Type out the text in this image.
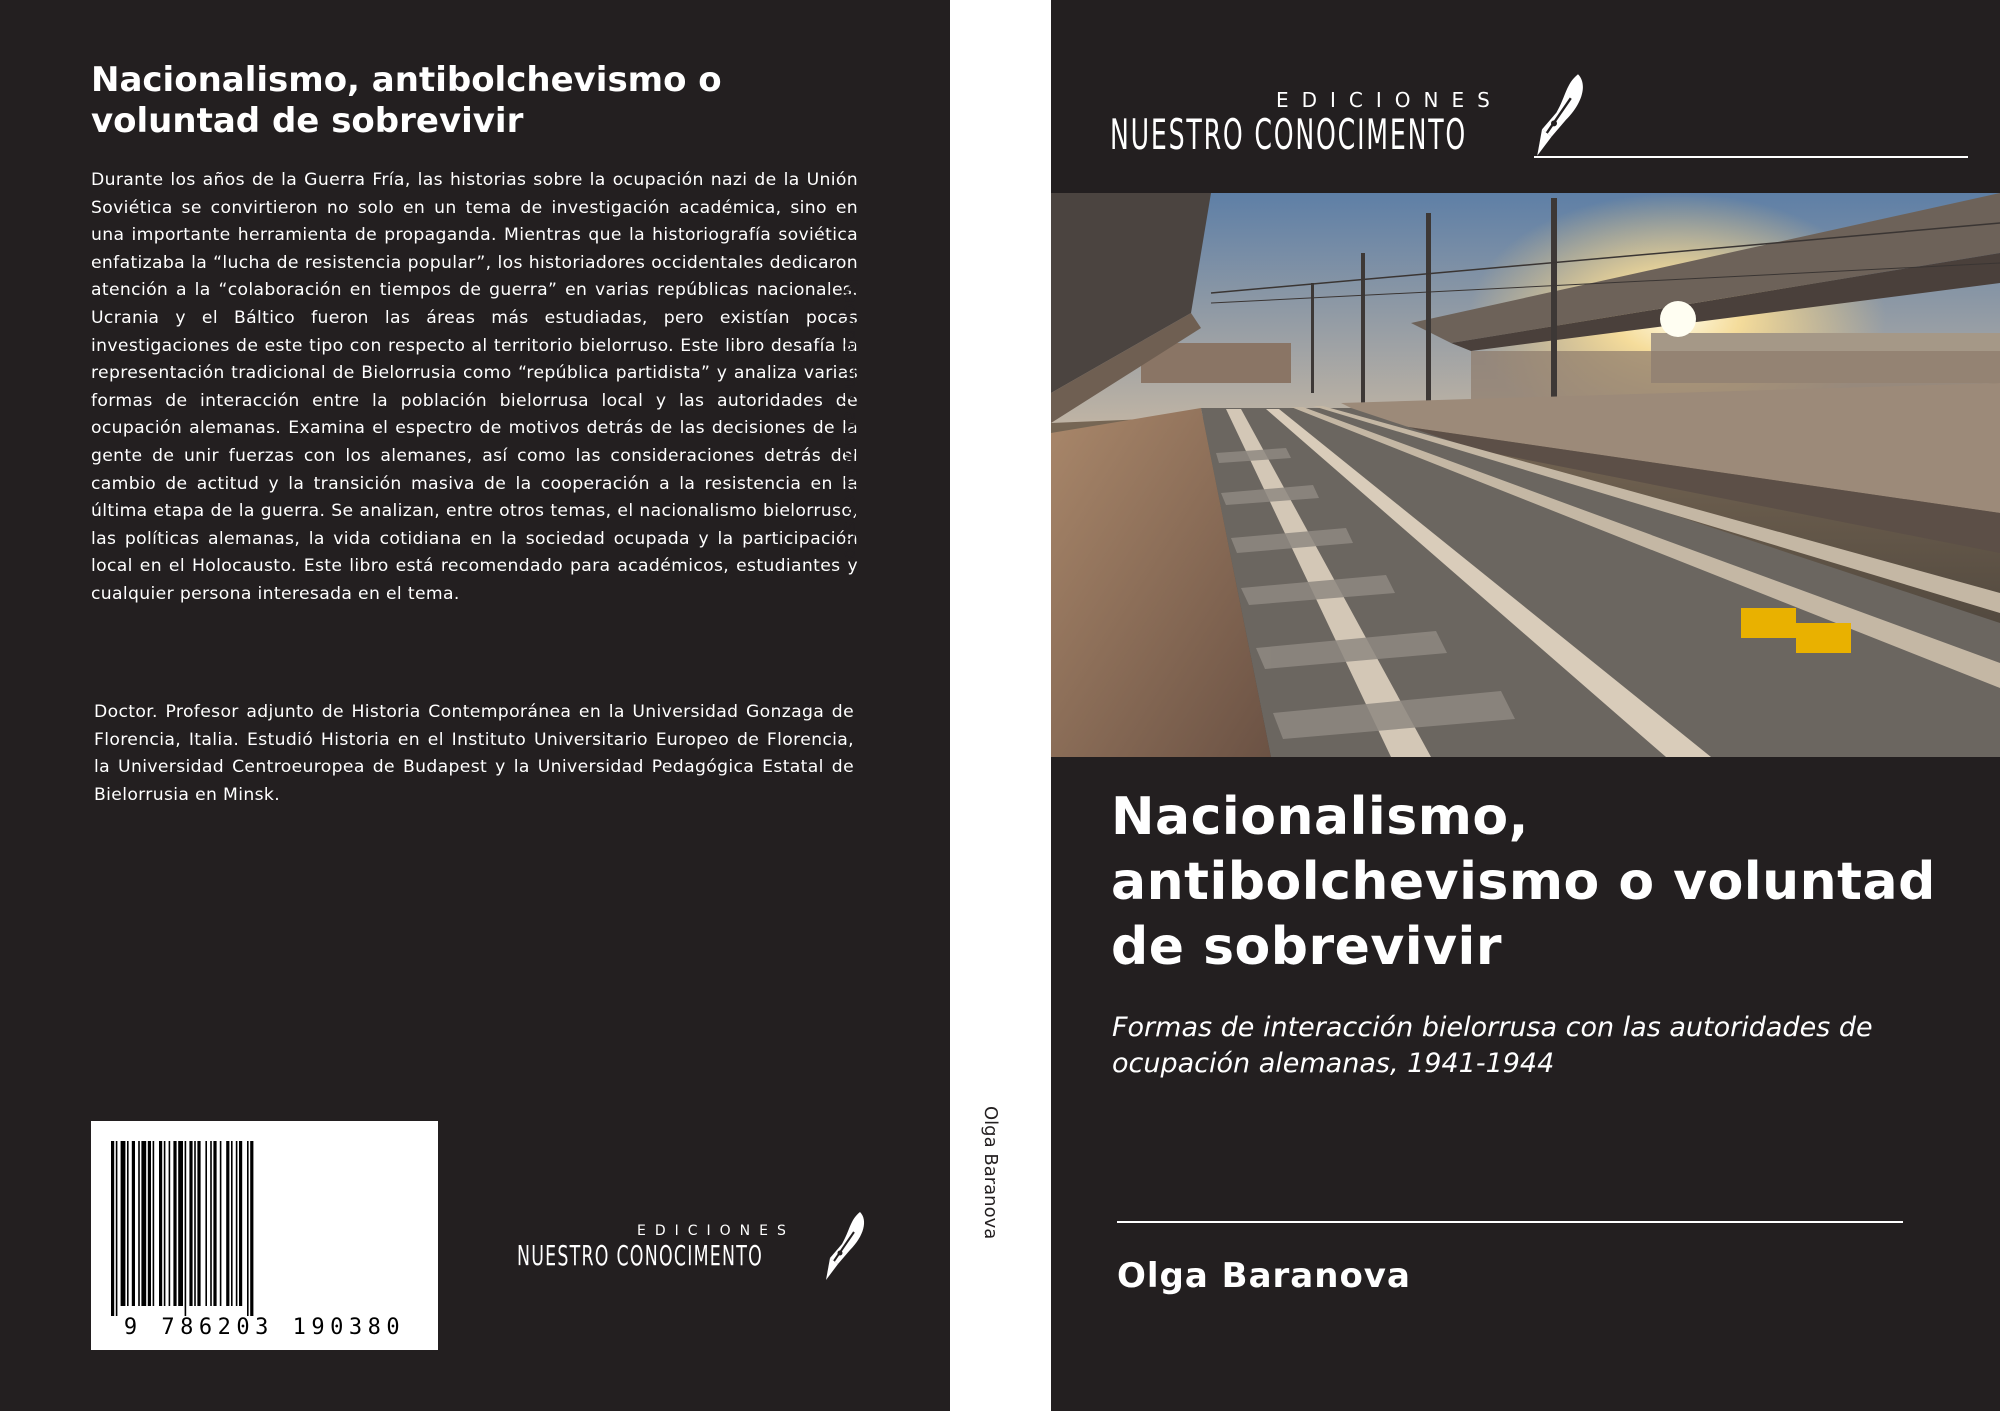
Nacionalismo, antibolchevismo o voluntad de sobrevivir

Durante los años de la Guerra Fría, las historias sobre la ocupación nazi de la Unión Soviética se convirtieron no solo en un tema de investigación académica, sino en una importante herramienta de propaganda. Mientras que la historiografía soviética enfatizaba la “lucha de resistencia popular”, los historiadores occidentales dedicaron atención a la “colaboración en tiempos de guerra” en varias repúblicas nacionales. Ucrania y el Báltico fueron las áreas más estudiadas, pero existían pocas investigaciones de este tipo con respecto al territorio bielorruso. Este libro desafía la representación tradicional de Bielorrusia como “república partidista” y analiza varias formas de interacción entre la población bielorrusa local y las autoridades de ocupación alemanas. Examina el espectro de motivos detrás de las decisiones de la gente de unir fuerzas con los alemanes, así como las consideraciones detrás del cambio de actitud y la transición masiva de la cooperación a la resistencia en la última etapa de la guerra. Se analizan, entre otros temas, el nacionalismo bielorruso, las políticas alemanas, la vida cotidiana en la sociedad ocupada y la participación local en el Holocausto. Este libro está recomendado para académicos, estudiantes y cualquier persona interesada en el tema.

Doctor. Profesor adjunto de Historia Contemporánea en la Universidad Gonzaga de Florencia, Italia. Estudió Historia en el Instituto Universitario Europeo de Florencia, la Universidad Centroeuropea de Budapest y la Universidad Pedagógica Estatal de Bielorrusia en Minsk.

9 786203 190380

EDICIONES

NUESTRO CONOCIMENTO

Nacionalismo, antibolchevismo
Olga Baranova

EDICIONES

NUESTRO CONOCIMENTO

Nacionalismo, antibolchevismo o voluntad de sobrevivir

Formas de interacción bielorrusa con las autoridades de ocupación alemanas, 1941-1944

Olga Baranova
